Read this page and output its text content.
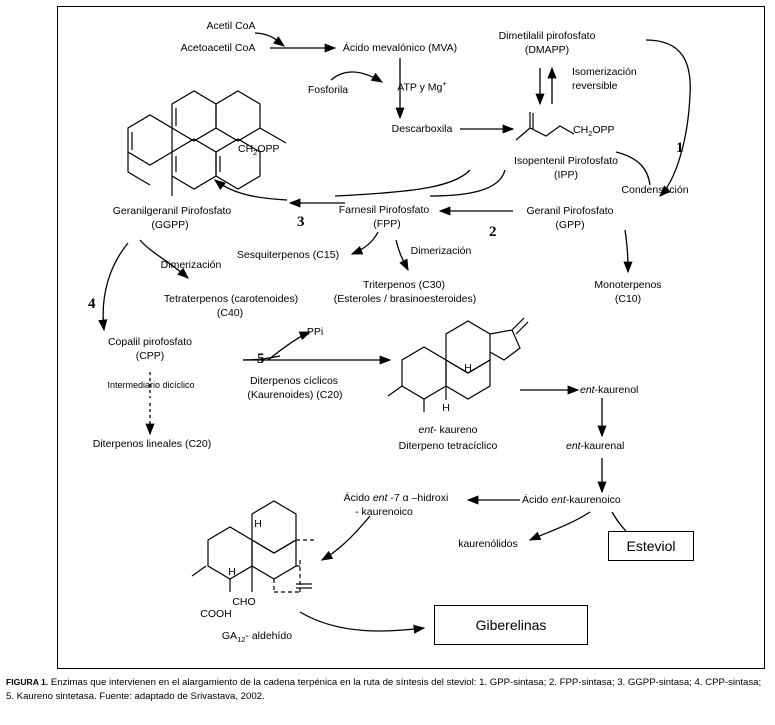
Acetil CoA
Acetoacetil CoA	Ácido mevalónico (MVA)
Fosforila	ATP y Mg+
Descarboxila
Dimetilalil pirofosfato
(DMAPP)
Isomerización
reversible
$CH_2OPP$
Isopentenil Pirofosfato
(IPP)
Condensación
$CH_2OPP$
Geranilgeranil Pirofosfato
(GGPP)
Farnesil Pirofosfato
(FPP)
Geranil Pirofosfato
(GPP)
Dimerización
Sesquiterpenos (C15)
Triterpenos (C30)
(Esteroles / brasinoesteroides)
Monoterpenos
(C10)
Dimerización
Tetraterpenos (carotenoides)
(C40)
Copalil pirofosfato
(CPP)
Intermediario dicíclico
Diterpenos lineales (C20)
PPi
Diterpenos cíclicos
(Kaurenoides) (C20)
H
H
ent- kaureno
Diterpeno tetracíclico
ent-kaurenol
ent-kaurenal
Ácido ent-kaurenoico
Ácido ent -7 α –hidroxi
- kaurenoico
kaurenólidos
H
H
COOH
CHO
$GA_{12}-$ aldehído
Esteviol
Giberelinas
1
2
3
4
5
FIGURA 1. Enzimas que intervienen en el alargamiento de la cadena terpénica en la ruta de síntesis del steviol: 1. GPP-sintasa; 2. FPP-sintasa; 3. GGPP-sintasa; 4. CPP-sintasa; 5. Kaureno sintetasa. Fuente: adaptado de Srivastava, 2002.
